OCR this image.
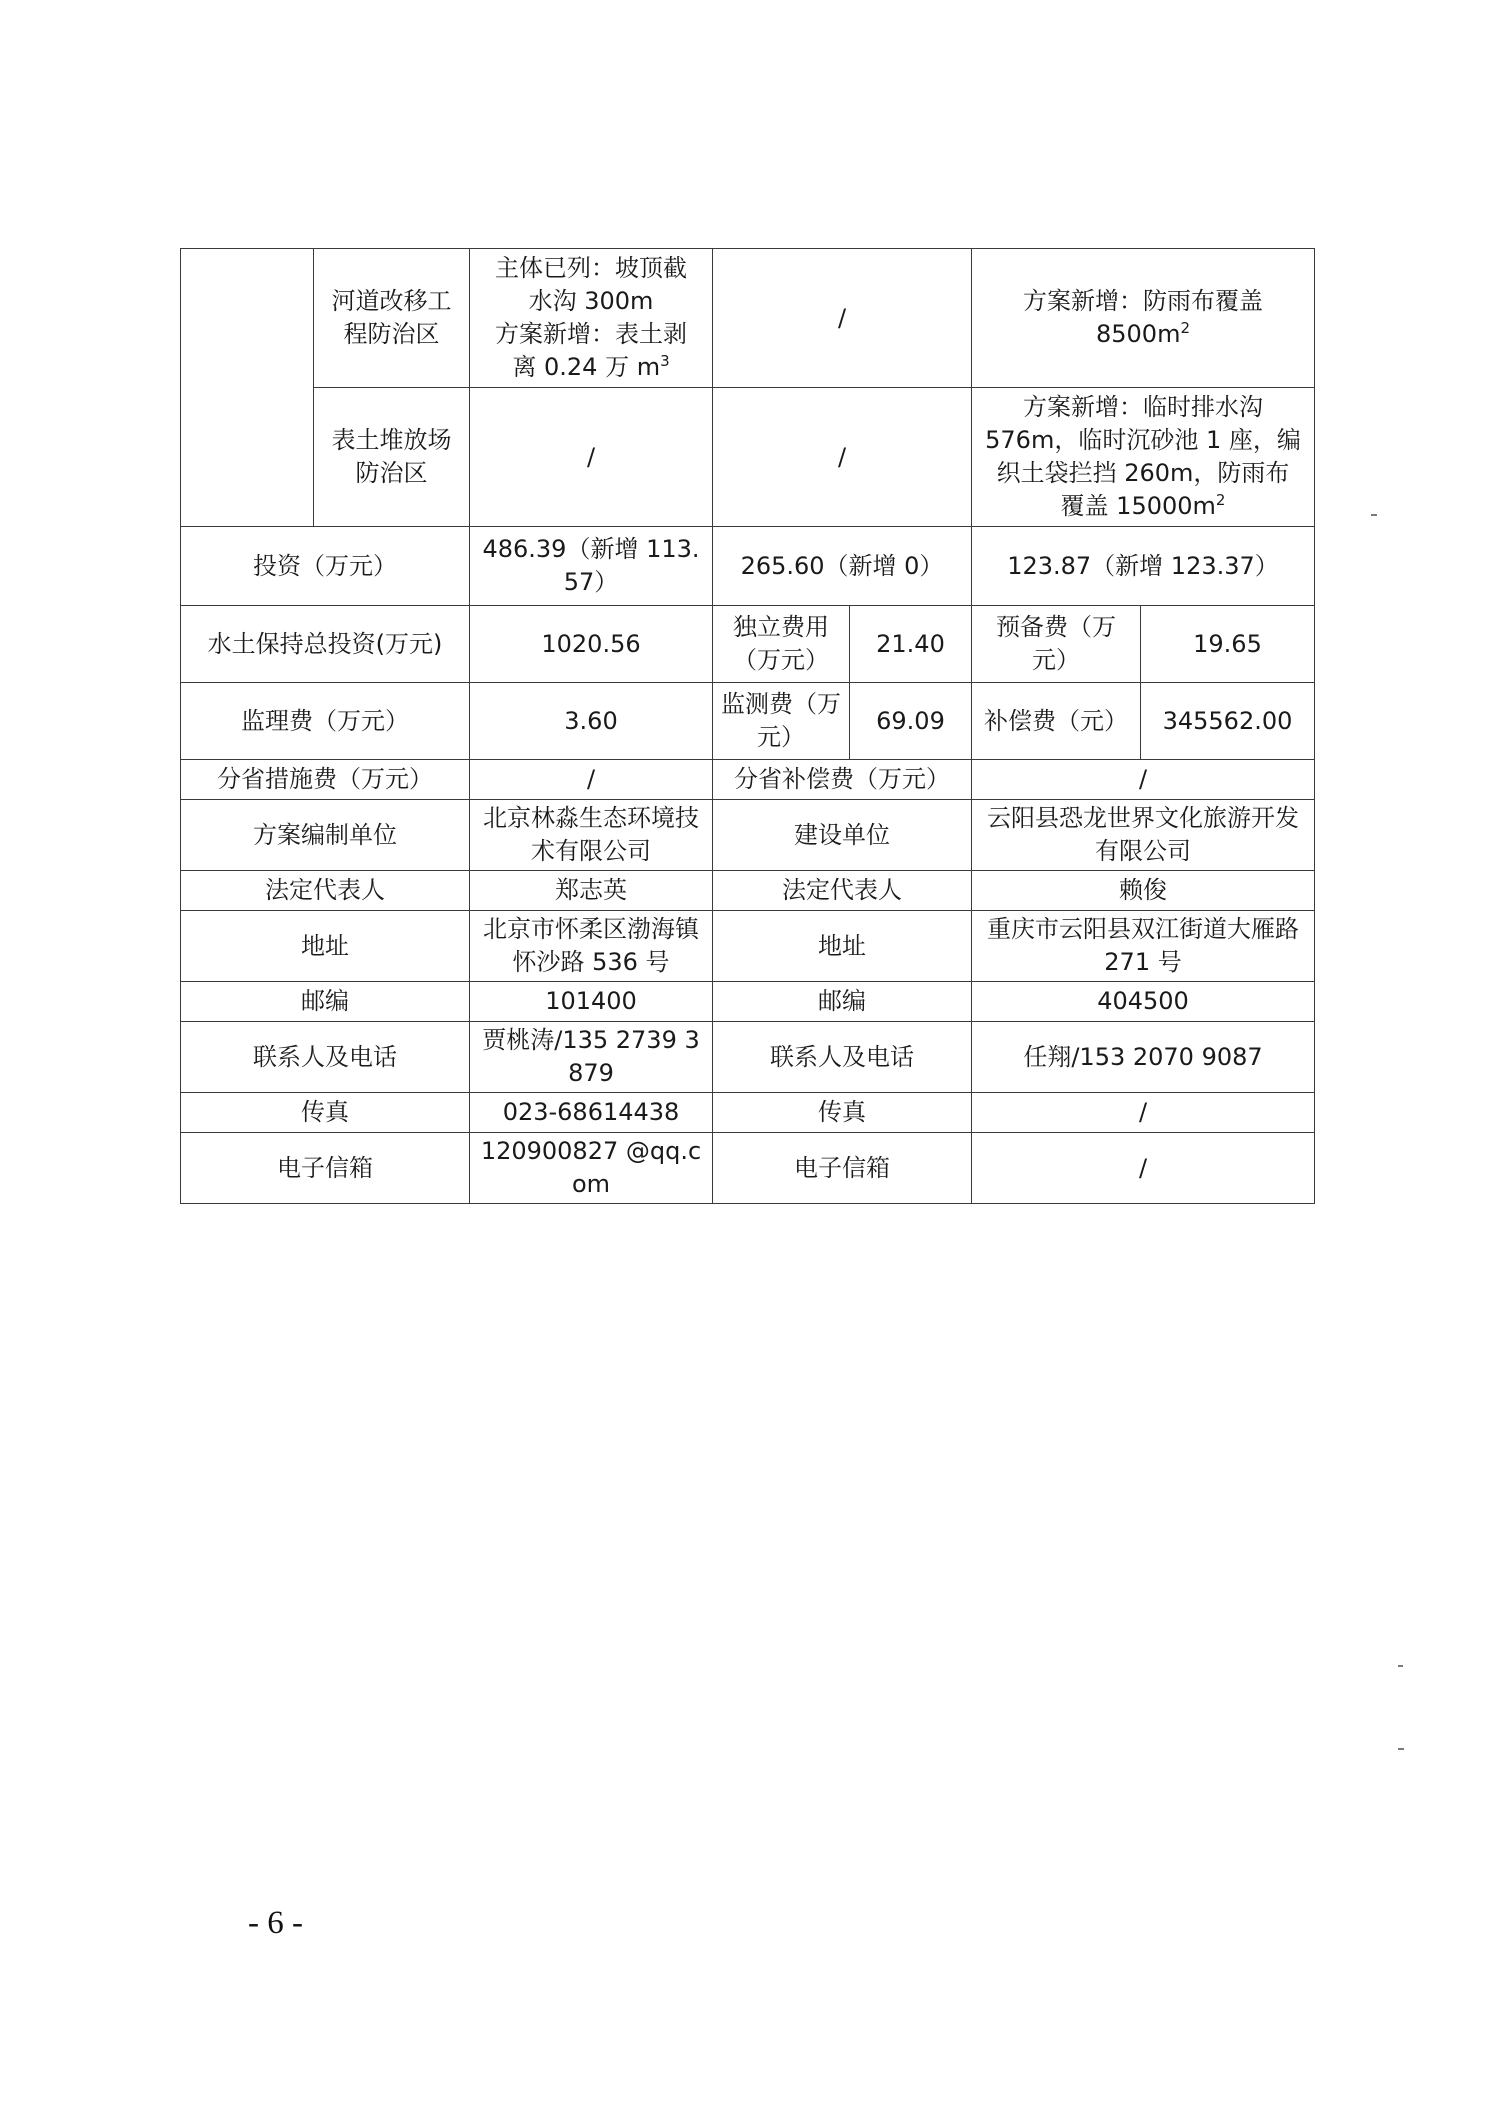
	河道改移工程防治区	主体已列：坡顶截
水沟 300m
方案新增：表土剥
离 0.24 万 $m^3$	/		方案新增：防雨布覆盖
$8500m^2$

	表土堆放场防治区	/	/		方案新增：临时排水沟
576m，临时沉砂池 1 座，编
织土袋拦挡 260m，防雨布
覆盖 $15000m^2$

投资（万元）		486.39（新增 113.57）	265.60（新增 0）		123.87（新增 123.37）	
水土保持总投资(万元)		1020.56	独立费用（万元）	21.40	预备费（万元）	19.65
监理费（万元）		3.60	监测费（万元）	69.09	补偿费（元）	345562.00
分省措施费（万元）		/	分省补偿费（万元）		/	
方案编制单位		北京林淼生态环境技术有限公司	建设单位		云阳县恐龙世界文化旅游开发有限公司	
法定代表人		郑志英	法定代表人		赖俊	
地址		北京市怀柔区渤海镇怀沙路 536 号	地址		重庆市云阳县双江街道大雁路 271 号	
邮编		101400	邮编		404500	
联系人及电话		贾桃涛/135 2739 3879	联系人及电话		任翔/153 2070 9087	
传真		023-68614438	传真		/	
电子信箱		120900827 @qq.com	电子信箱		/	
- 6 -
